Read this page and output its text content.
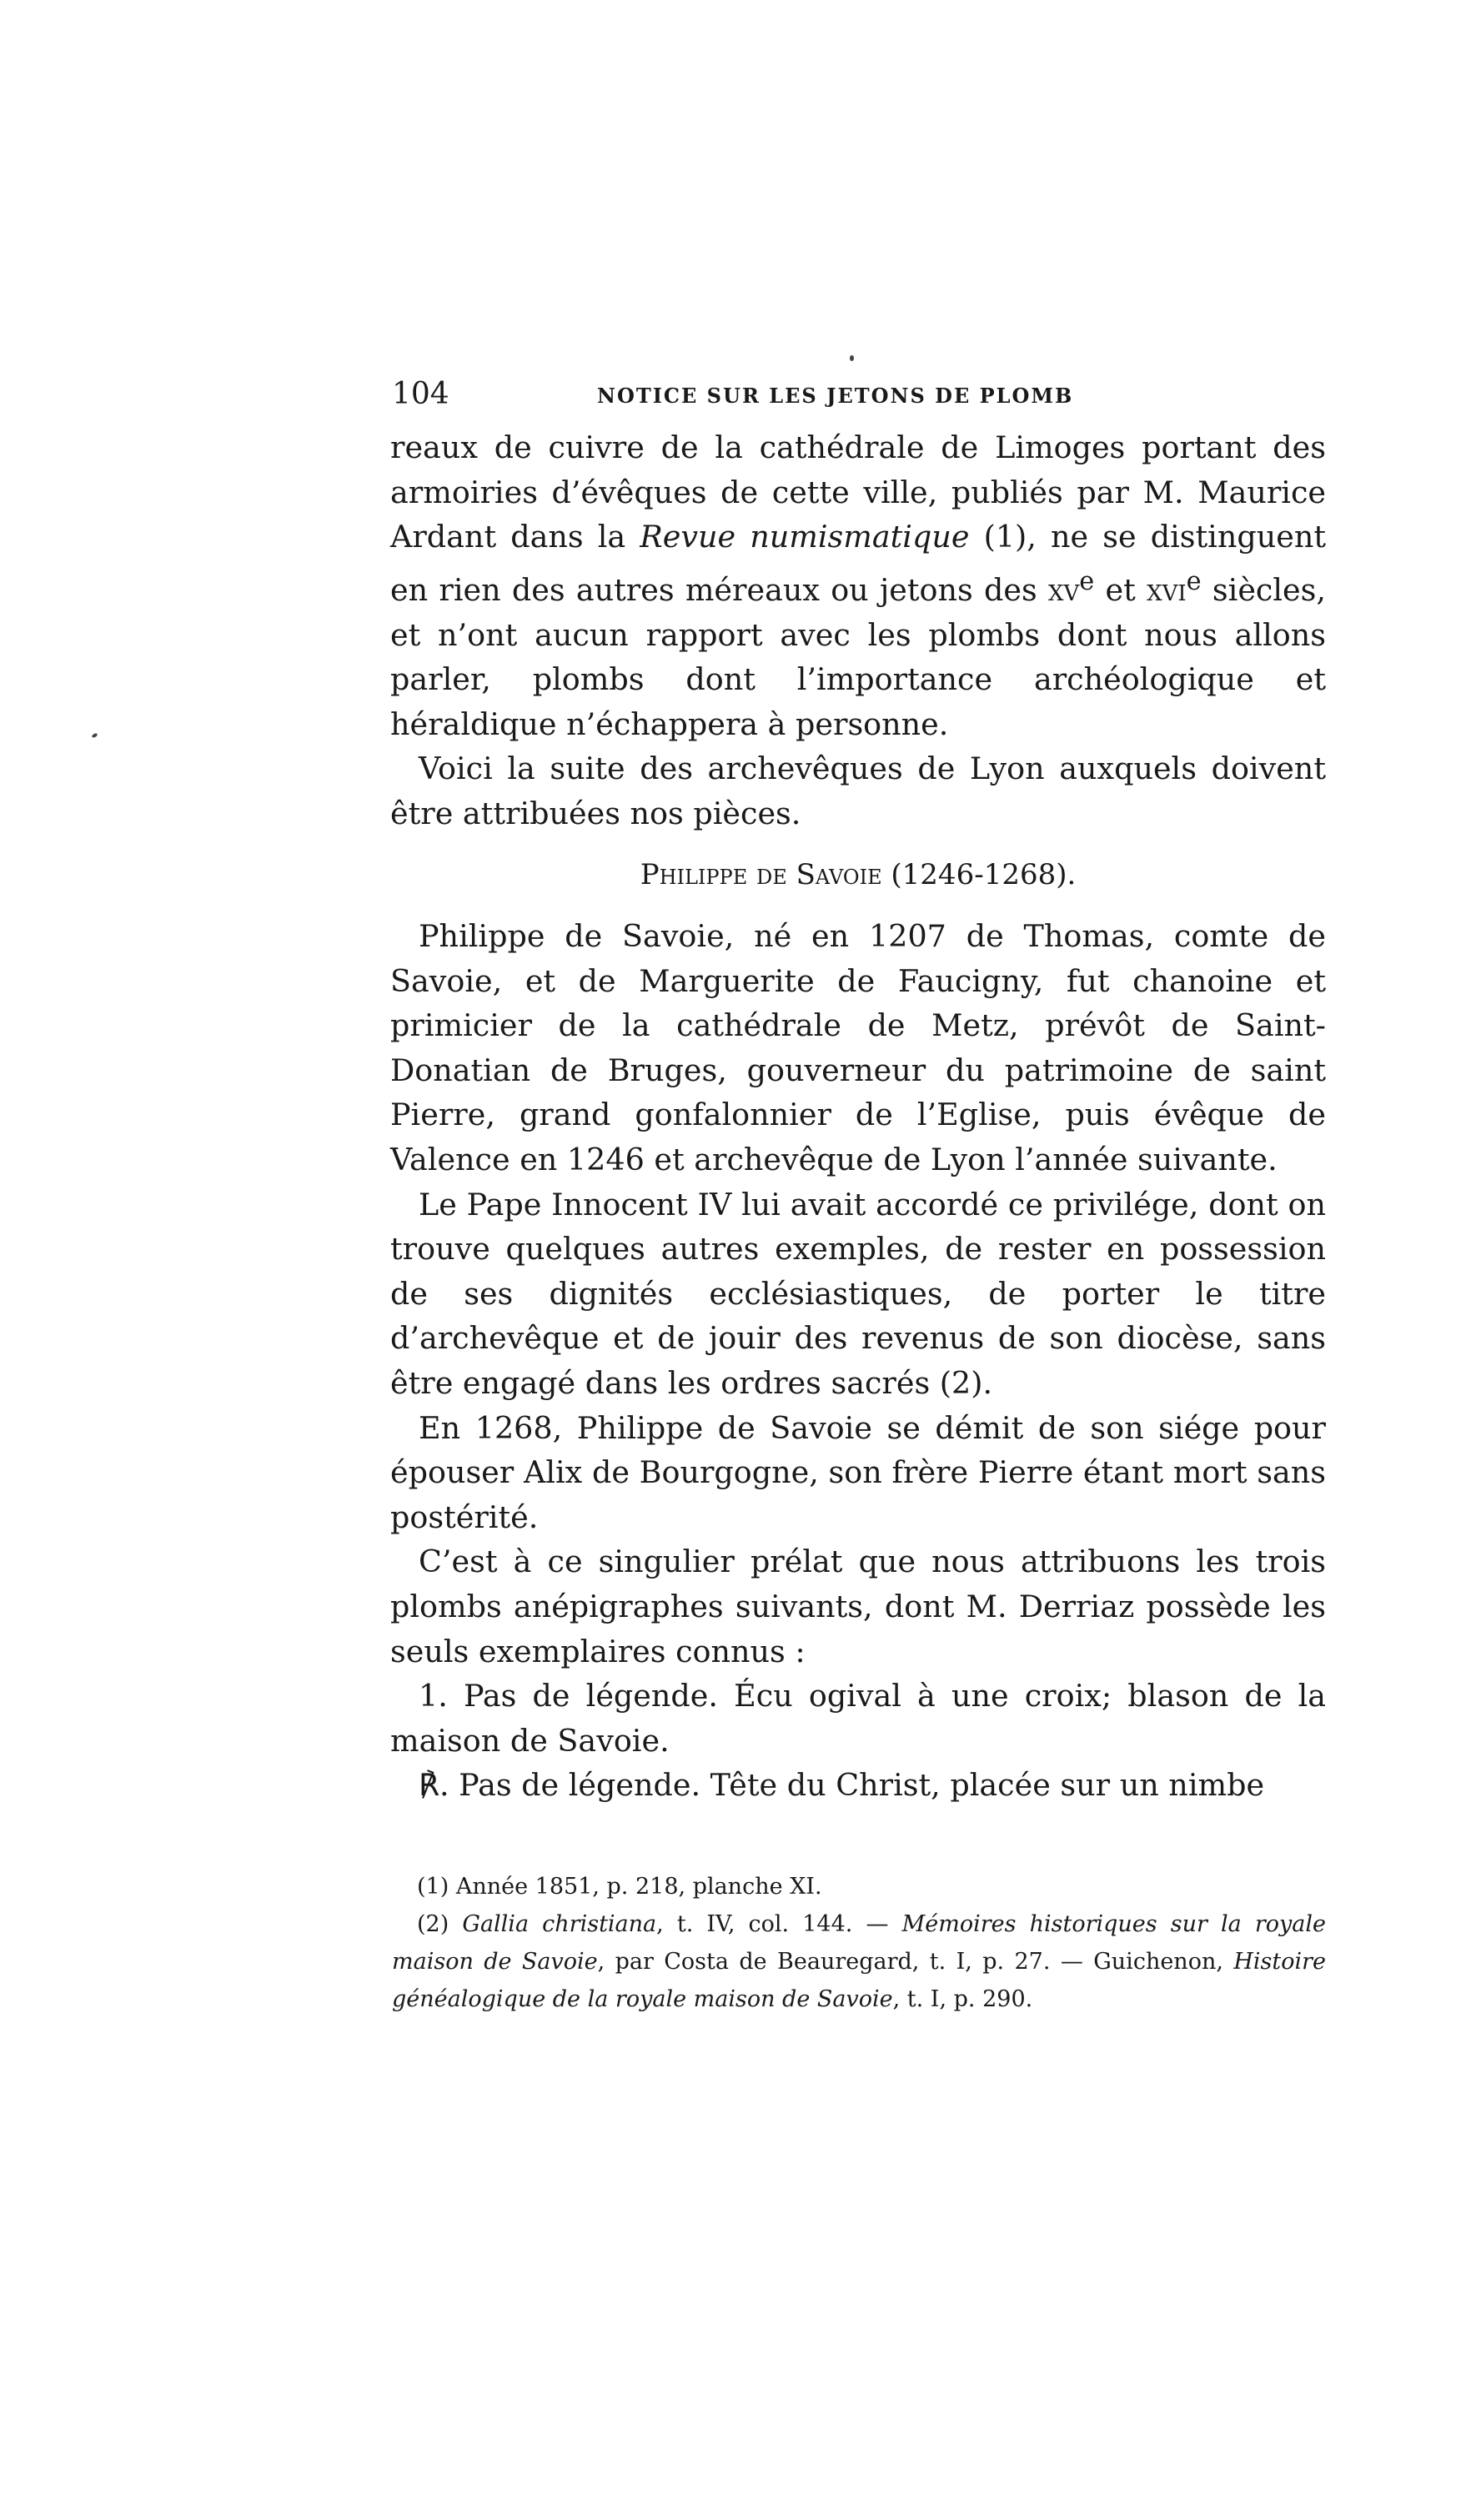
104	NOTICE SUR LES JETONS DE PLOMB

reaux de cuivre de la cathédrale de Limoges portant des armoiries d’évêques de cette ville, publiés par M. Maurice Ardant dans la Revue numismatique (1), ne se distinguent en rien des autres méreaux ou jetons des $xv^e$ et xvi$^e$ siècles, et n’ont aucun rapport avec les plombs dont nous allons parler, plombs dont l’importance archéologique et héraldique n’échappera à personne.

Voici la suite des archevêques de Lyon auxquels doivent être attribuées nos pièces.

Philippe de Savoie (1246-1268).

Philippe de Savoie, né en 1207 de Thomas, comte de Savoie, et de Marguerite de Faucigny, fut chanoine et primicier de la cathédrale de Metz, prévôt de Saint-Donatian de Bruges, gouverneur du patrimoine de saint Pierre, grand gonfalonnier de l’Eglise, puis évêque de Valence en 1246 et archevêque de Lyon l’année suivante.

Le Pape Innocent IV lui avait accordé ce privilége, dont on trouve quelques autres exemples, de rester en possession de ses dignités ecclésiastiques, de porter le titre d’archevêque et de jouir des revenus de son diocèse, sans être engagé dans les ordres sacrés (2).

En 1268, Philippe de Savoie se démit de son siége pour épouser Alix de Bourgogne, son frère Pierre étant mort sans postérité.

C’est à ce singulier prélat que nous attribuons les trois plombs anépigraphes suivants, dont M. Derriaz possède les seuls exemplaires connus :

1. Pas de légende. Écu ogival à une croix; blason de la maison de Savoie.

℟. Pas de légende. Tête du Christ, placée sur un nimbe

(1) Année 1851, p. 218, planche XI.

(2) Gallia christiana, t. IV, col. 144. — Mémoires historiques sur la royale maison de Savoie, par Costa de Beauregard, t. I, p. 27. — Guichenon, Histoire généalogique de la royale maison de Savoie, t. I, p. 290.
